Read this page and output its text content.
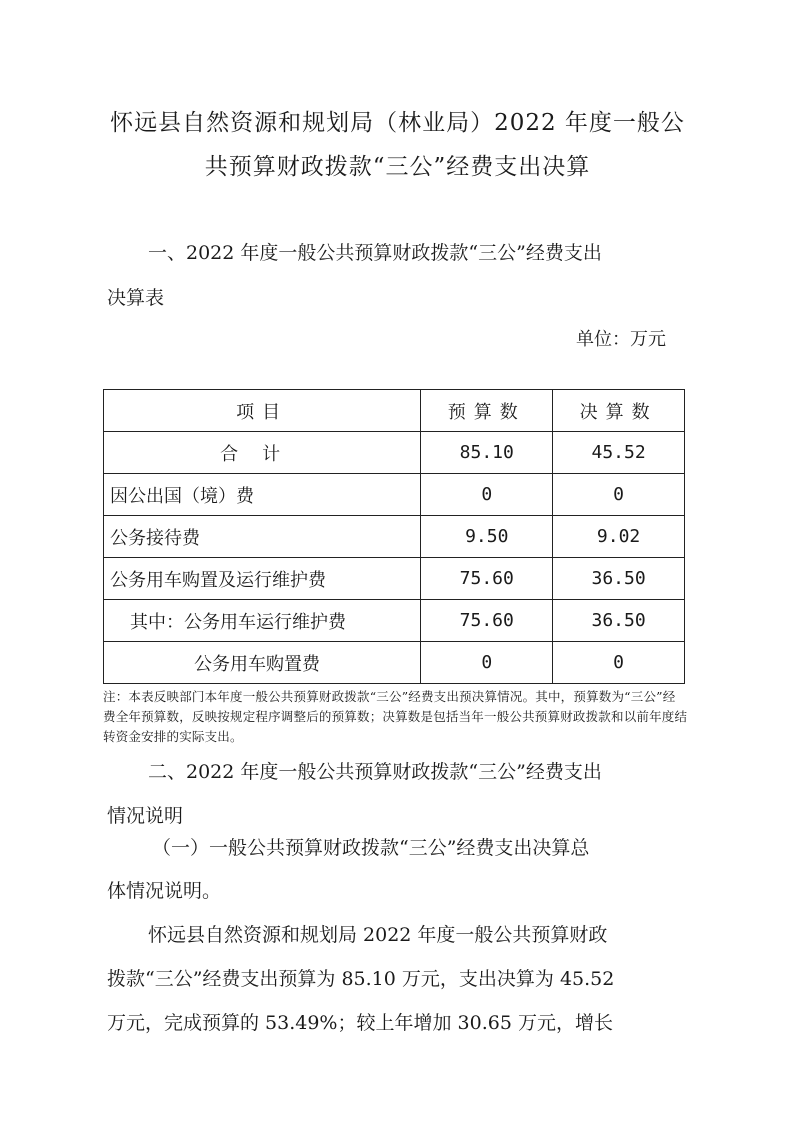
怀远县自然资源和规划局（林业局）2022 年度一般公
共预算财政拨款“三公”经费支出决算
一、2022 年度一般公共预算财政拨款“三公”经费支出
决算表
单位：万元
项目	预算数	决算数
合计	85.10	45.52
因公出国（境）费	0	0
公务接待费	9.50	9.02
公务用车购置及运行维护费	75.60	36.50
其中：公务用车运行维护费	75.60	36.50
公务用车购置费	0	0
注：本表反映部门本年度一般公共预算财政拨款“三公”经费支出预决算情况。其中，预算数为“三公”经费全年预算数，反映按规定程序调整后的预算数；决算数是包括当年一般公共预算财政拨款和以前年度结转资金安排的实际支出。
二、2022 年度一般公共预算财政拨款“三公”经费支出
情况说明
（一）一般公共预算财政拨款“三公”经费支出决算总
体情况说明。
怀远县自然资源和规划局 2022 年度一般公共预算财政
拨款“三公”经费支出预算为 85.10 万元，支出决算为 45.52
万元，完成预算的 53.49%；较上年增加 30.65 万元，增长
